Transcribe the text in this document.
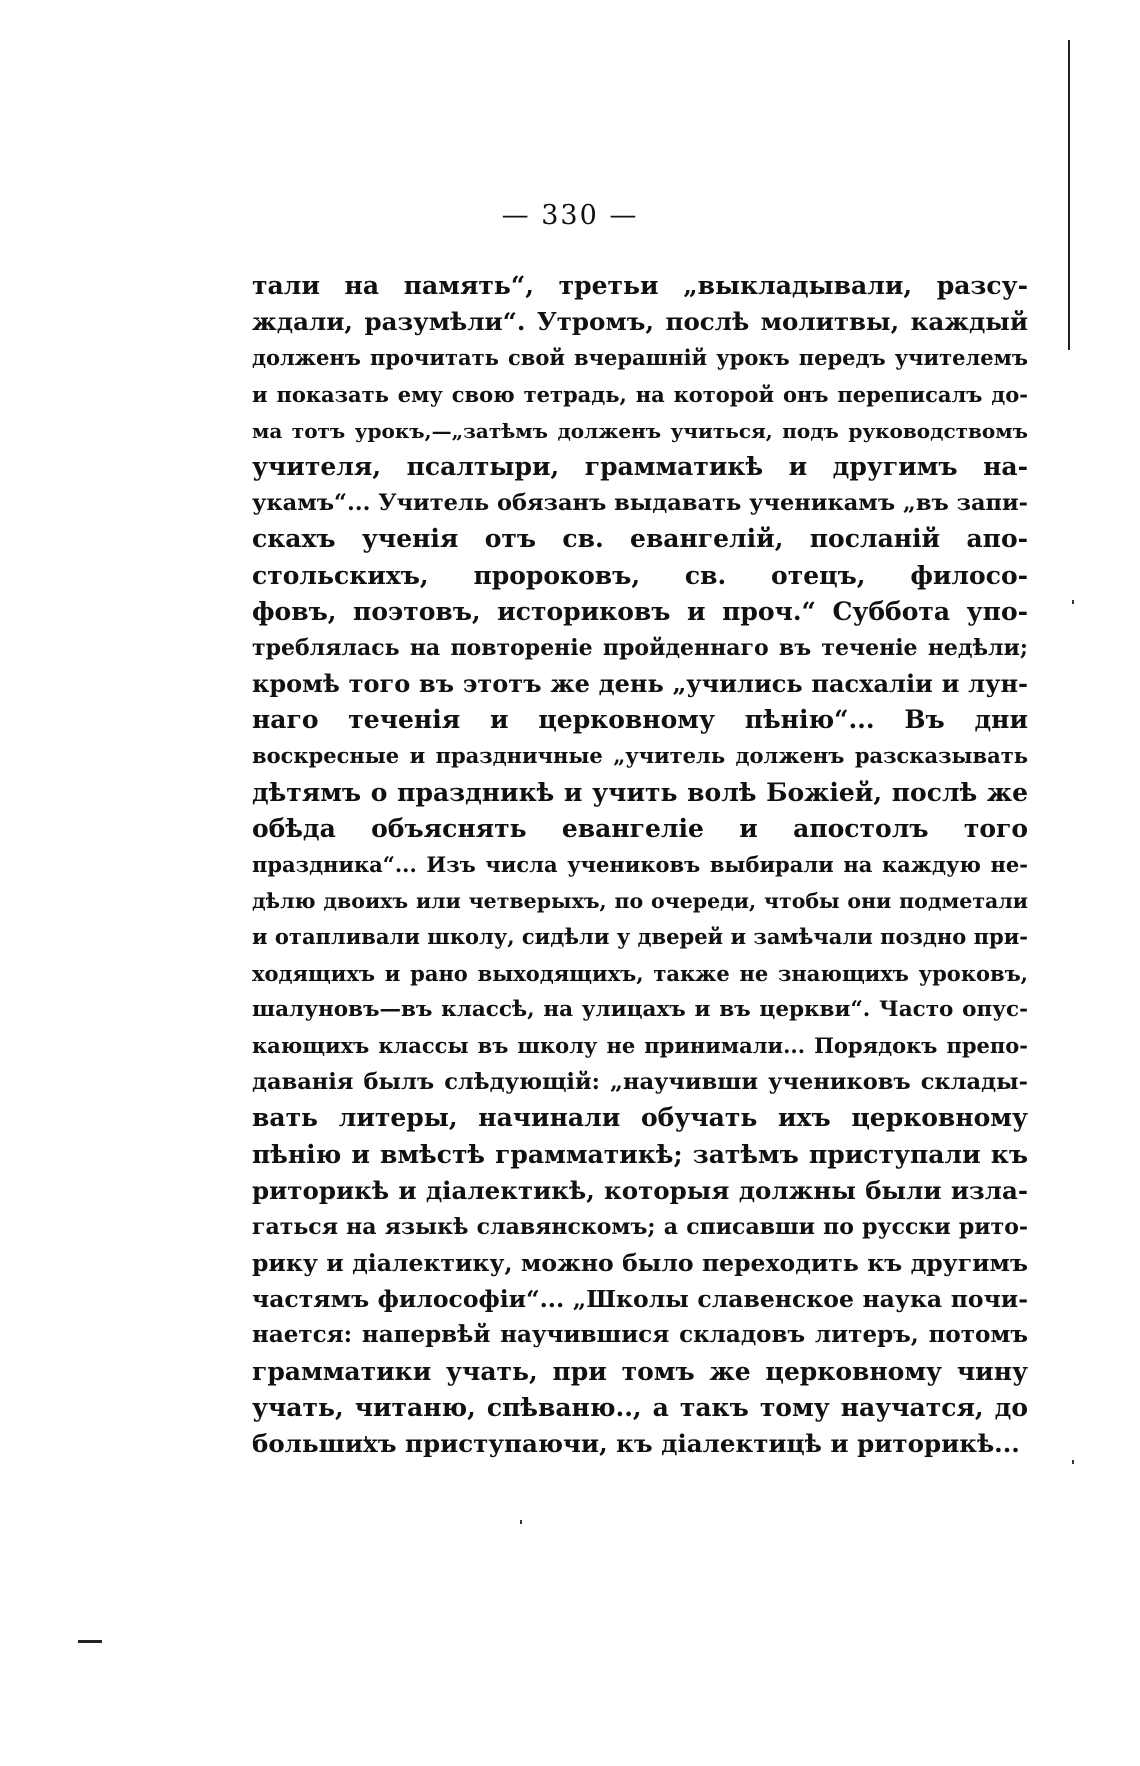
— 330 —
тали на память“, третьи „выкладывали, разсу-
ждали, разумѣли“. Утромъ, послѣ молитвы, каждый
долженъ прочитать свой вчерашній урокъ передъ учителемъ
и показать ему свою тетрадь, на которой онъ переписалъ до-
ма тотъ урокъ,—„затѣмъ долженъ учиться, подъ руководствомъ
учителя, псалтыри, грамматикѣ и другимъ на-
укамъ“... Учитель обязанъ выдавать ученикамъ „въ запи-
скахъ ученія отъ св. евангелій, посланій апо-
стольскихъ, пророковъ, св. отецъ, филосо-
фовъ, поэтовъ, историковъ и проч.“ Суббота упо-
треблялась на повтореніе пройденнаго въ теченіе недѣли;
кромѣ того въ этотъ же день „учились пасхаліи и лун-
наго теченія и церковному пѣнію“... Въ дни
воскресные и праздничные „учитель долженъ разсказывать
дѣтямъ о праздникѣ и учить волѣ Божіей, послѣ же
обѣда объяснять евангеліе и апостолъ того
праздника“... Изъ числа учениковъ выбирали на каждую не-
дѣлю двоихъ или четверыхъ, по очереди, чтобы они подметали
и отапливали школу, сидѣли у дверей и замѣчали поздно при-
ходящихъ и рано выходящихъ, также не знающихъ уроковъ,
шалуновъ—въ классѣ, на улицахъ и въ церкви“. Часто опус-
кающихъ классы въ школу не принимали... Порядокъ препо-
даванія былъ слѣдующій: „научивши учениковъ склады-
вать литеры, начинали обучать ихъ церковному
пѣнію и вмѣстѣ грамматикѣ; затѣмъ приступали къ
риторикѣ и діалектикѣ, которыя должны были изла-
гаться на языкѣ славянскомъ; а списавши по русски рито-
рику и діалектику, можно было переходить къ другимъ
частямъ философіи“... „Школы славенское наука почи-
нается: напервѣй научившися складовъ литеръ, потомъ
грамматики учать, при томъ же церковному чину
учать, читаню, спѣваню.., а такъ тому научатся, до
большихъ приступаючи, къ діалектицѣ и риторикѣ...
